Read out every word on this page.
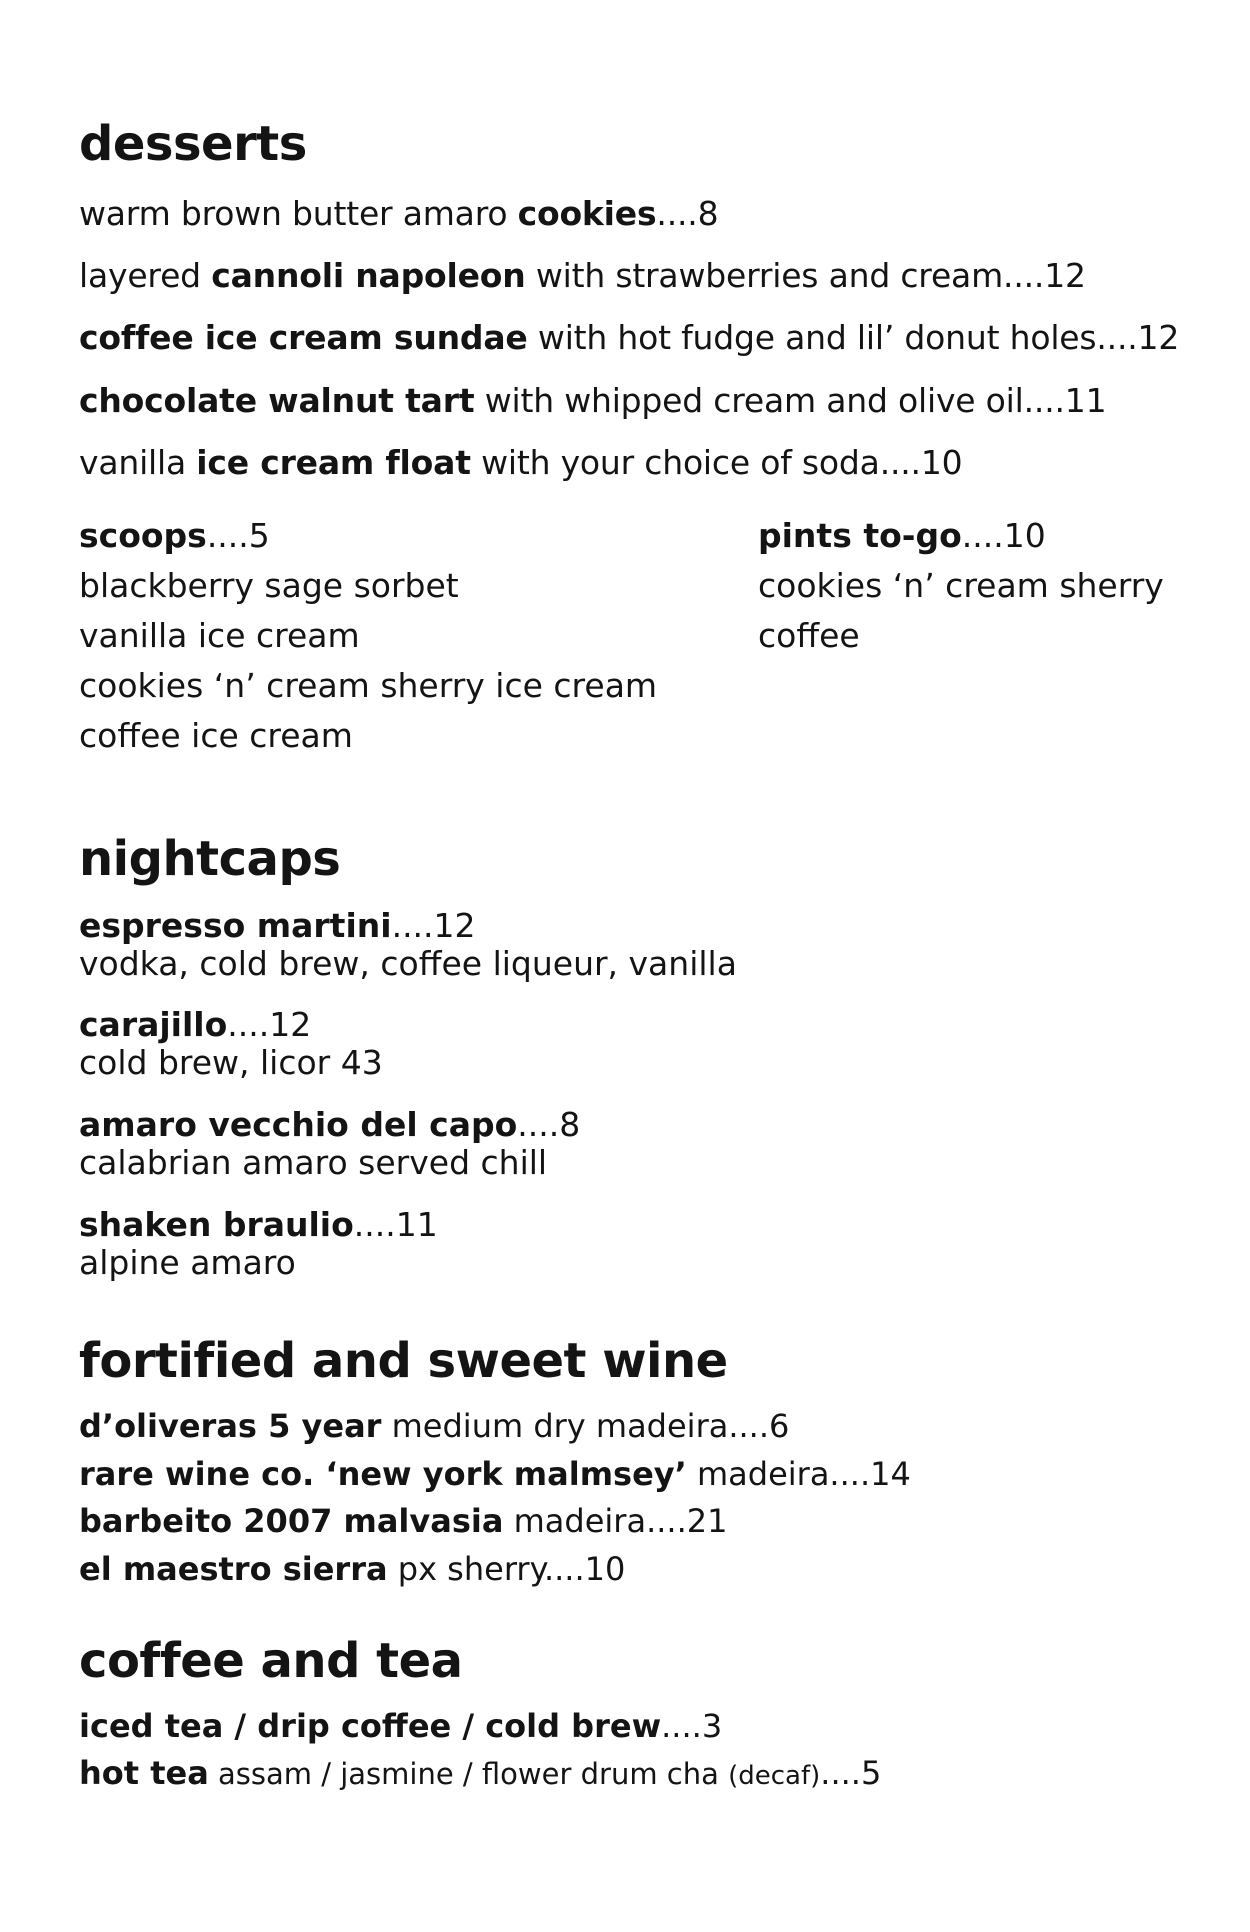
desserts
warm brown butter amaro cookies....8
layered cannoli napoleon with strawberries and cream....12
coffee ice cream sundae with hot fudge and lil’ donut holes....12
chocolate walnut tart with whipped cream and olive oil....11
vanilla ice cream float with your choice of soda....10
scoops....5
blackberry sage sorbet
vanilla ice cream
cookies ‘n’ cream sherry ice cream
coffee ice cream
pints to-go....10
cookies ‘n’ cream sherry
coffee
nightcaps
espresso martini....12
vodka, cold brew, coffee liqueur, vanilla
carajillo....12
cold brew, licor 43
amaro vecchio del capo....8
calabrian amaro served chill
shaken braulio....11
alpine amaro
fortified and sweet wine
d’oliveras 5 year medium dry madeira....6
rare wine co. ‘new york malmsey’ madeira....14
barbeito 2007 malvasia madeira....21
el maestro sierra px sherry....10
coffee and tea
iced tea / drip coffee / cold brew....3
hot tea assam / jasmine / flower drum cha (decaf)....5
